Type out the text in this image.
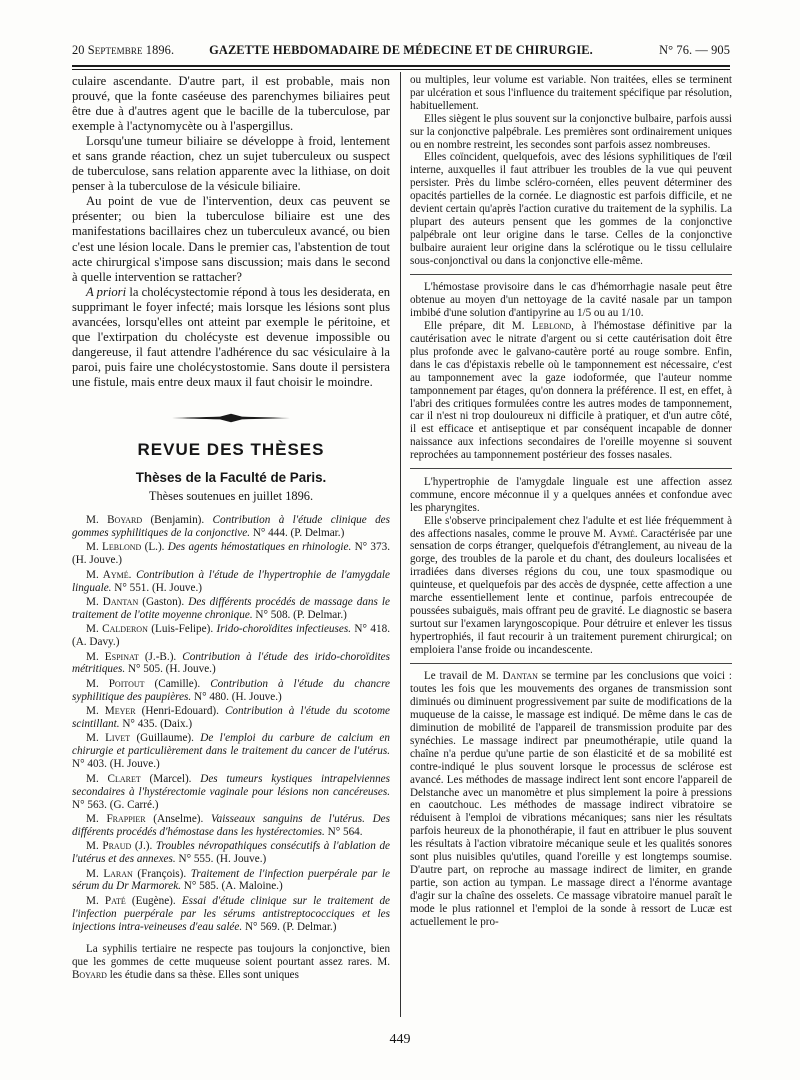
20 Septembre 1896.	GAZETTE HEBDOMADAIRE DE MÉDECINE ET DE CHIRURGIE.	N° 76. — 905

culaire ascendante. D'autre part, il est probable, mais non prouvé, que la fonte caséeuse des parenchymes biliaires peut être due à d'autres agent que le bacille de la tuberculose, par exemple à l'actynomycète ou à l'aspergillus.

Lorsqu'une tumeur biliaire se développe à froid, lentement et sans grande réaction, chez un sujet tuberculeux ou suspect de tuberculose, sans relation apparente avec la lithiase, on doit penser à la tuberculose de la vésicule biliaire.

Au point de vue de l'intervention, deux cas peuvent se présenter; ou bien la tuberculose biliaire est une des manifestations bacillaires chez un tuberculeux avancé, ou bien c'est une lésion locale. Dans le premier cas, l'abstention de tout acte chirurgical s'impose sans discussion; mais dans le second à quelle intervention se rattacher?

A priori la cholécystectomie répond à tous les desiderata, en supprimant le foyer infecté; mais lorsque les lésions sont plus avancées, lorsqu'elles ont atteint par exemple le péritoine, et que l'extirpation du cholécyste est devenue impossible ou dangereuse, il faut attendre l'adhérence du sac vésiculaire à la paroi, puis faire une cholécystostomie. Sans doute il persistera une fistule, mais entre deux maux il faut choisir le moindre.

REVUE DES THÈSES
Thèses de la Faculté de Paris.
Thèses soutenues en juillet 1896.

M. Boyard (Benjamin). Contribution à l'étude clinique des gommes syphilitiques de la conjonctive. N° 444. (P. Delmar.)

M. Leblond (L.). Des agents hémostatiques en rhinologie. N° 373. (H. Jouve.)

M. Aymé. Contribution à l'étude de l'hypertrophie de l'amygdale linguale. N° 551. (H. Jouve.)

M. Dantan (Gaston). Des différents procédés de massage dans le traitement de l'otite moyenne chronique. N° 508. (P. Delmar.)

M. Calderon (Luis-Felipe). Irido-choroïdites infectieuses. N° 418. (A. Davy.)

M. Espinat (J.-B.). Contribution à l'étude des irido-choroïdites métritiques. N° 505. (H. Jouve.)

M. Poitout (Camille). Contribution à l'étude du chancre syphilitique des paupières. N° 480. (H. Jouve.)

M. Meyer (Henri-Edouard). Contribution à l'étude du scotome scintillant. N° 435. (Daix.)

M. Livet (Guillaume). De l'emploi du carbure de calcium en chirurgie et particulièrement dans le traitement du cancer de l'utérus. N° 403. (H. Jouve.)

M. Claret (Marcel). Des tumeurs kystiques intrapelviennes secondaires à l'hystérectomie vaginale pour lésions non cancéreuses. N° 563. (G. Carré.)

M. Frappier (Anselme). Vaisseaux sanguins de l'utérus. Des différents procédés d'hémostase dans les hystérectomies. N° 564.

M. Praud (J.). Troubles névropathiques consécutifs à l'ablation de l'utérus et des annexes. N° 555. (H. Jouve.)

M. Laran (François). Traitement de l'infection puerpérale par le sérum du Dr Marmorek. N° 585. (A. Maloine.)

M. Paté (Eugène). Essai d'étude clinique sur le traitement de l'infection puerpérale par les sérums antistreptococciques et les injections intra-veineuses d'eau salée. N° 569. (P. Delmar.)

La syphilis tertiaire ne respecte pas toujours la conjonctive, bien que les gommes de cette muqueuse soient pourtant assez rares. M. Boyard les étudie dans sa thèse. Elles sont uniques

ou multiples, leur volume est variable. Non traitées, elles se terminent par ulcération et sous l'influence du traitement spécifique par résolution, habituellement.

Elles siègent le plus souvent sur la conjonctive bulbaire, parfois aussi sur la conjonctive palpébrale. Les premières sont ordinairement uniques ou en nombre restreint, les secondes sont parfois assez nombreuses.

Elles coïncident, quelquefois, avec des lésions syphilitiques de l'œil interne, auxquelles il faut attribuer les troubles de la vue qui peuvent persister. Près du limbe scléro-cornéen, elles peuvent déterminer des opacités partielles de la cornée. Le diagnostic est parfois difficile, et ne devient certain qu'après l'action curative du traitement de la syphilis. La plupart des auteurs pensent que les gommes de la conjonctive palpébrale ont leur origine dans le tarse. Celles de la conjonctive bulbaire auraient leur origine dans la sclérotique ou le tissu cellulaire sous-conjonctival ou dans la conjonctive elle-même.

L'hémostase provisoire dans le cas d'hémorrhagie nasale peut être obtenue au moyen d'un nettoyage de la cavité nasale par un tampon imbibé d'une solution d'antipyrine au 1/5 ou au 1/10.

Elle prépare, dit M. Leblond, à l'hémostase définitive par la cautérisation avec le nitrate d'argent ou si cette cautérisation doit être plus profonde avec le galvano-cautère porté au rouge sombre. Enfin, dans le cas d'épistaxis rebelle où le tamponnement est nécessaire, c'est au tamponnement avec la gaze iodoformée, que l'auteur nomme tamponnement par étages, qu'on donnera la préférence. Il est, en effet, à l'abri des critiques formulées contre les autres modes de tamponnement, car il n'est ni trop douloureux ni difficile à pratiquer, et d'un autre côté, il est efficace et antiseptique et par conséquent incapable de donner naissance aux infections secondaires de l'oreille moyenne si souvent reprochées au tamponnement postérieur des fosses nasales.

L'hypertrophie de l'amygdale linguale est une affection assez commune, encore méconnue il y a quelques années et confondue avec les pharyngites.

Elle s'observe principalement chez l'adulte et est liée fréquemment à des affections nasales, comme le prouve M. Aymé. Caractérisée par une sensation de corps étranger, quelquefois d'étranglement, au niveau de la gorge, des troubles de la parole et du chant, des douleurs localisées et irradiées dans diverses régions du cou, une toux spasmodique ou quinteuse, et quelquefois par des accès de dyspnée, cette affection a une marche essentiellement lente et continue, parfois entrecoupée de poussées subaiguës, mais offrant peu de gravité. Le diagnostic se basera surtout sur l'examen laryngoscopique. Pour détruire et enlever les tissus hypertrophiés, il faut recourir à un traitement purement chirurgical; on emploiera l'anse froide ou incandescente.

Le travail de M. Dantan se termine par les conclusions que voici : toutes les fois que les mouvements des organes de transmission sont diminués ou diminuent progressivement par suite de modifications de la muqueuse de la caisse, le massage est indiqué. De même dans le cas de diminution de mobilité de l'appareil de transmission produite par des synéchies. Le massage indirect par pneumothérapie, utile quand la chaîne n'a perdue qu'une partie de son élasticité et de sa mobilité est contre-indiqué le plus souvent lorsque le processus de sclérose est avancé. Les méthodes de massage indirect lent sont encore l'appareil de Delstanche avec un manomètre et plus simplement la poire à pressions en caoutchouc. Les méthodes de massage indirect vibratoire se réduisent à l'emploi de vibrations mécaniques; sans nier les résultats parfois heureux de la phonothérapie, il faut en attribuer le plus souvent les résultats à l'action vibratoire mécanique seule et les qualités sonores sont plus nuisibles qu'utiles, quand l'oreille y est longtemps soumise. D'autre part, on reproche au massage indirect de limiter, en grande partie, son action au tympan. Le massage direct a l'énorme avantage d'agir sur la chaîne des osselets. Ce massage vibratoire manuel paraît le mode le plus rationnel et l'emploi de la sonde à ressort de Lucæ est actuellement le pro-

449
